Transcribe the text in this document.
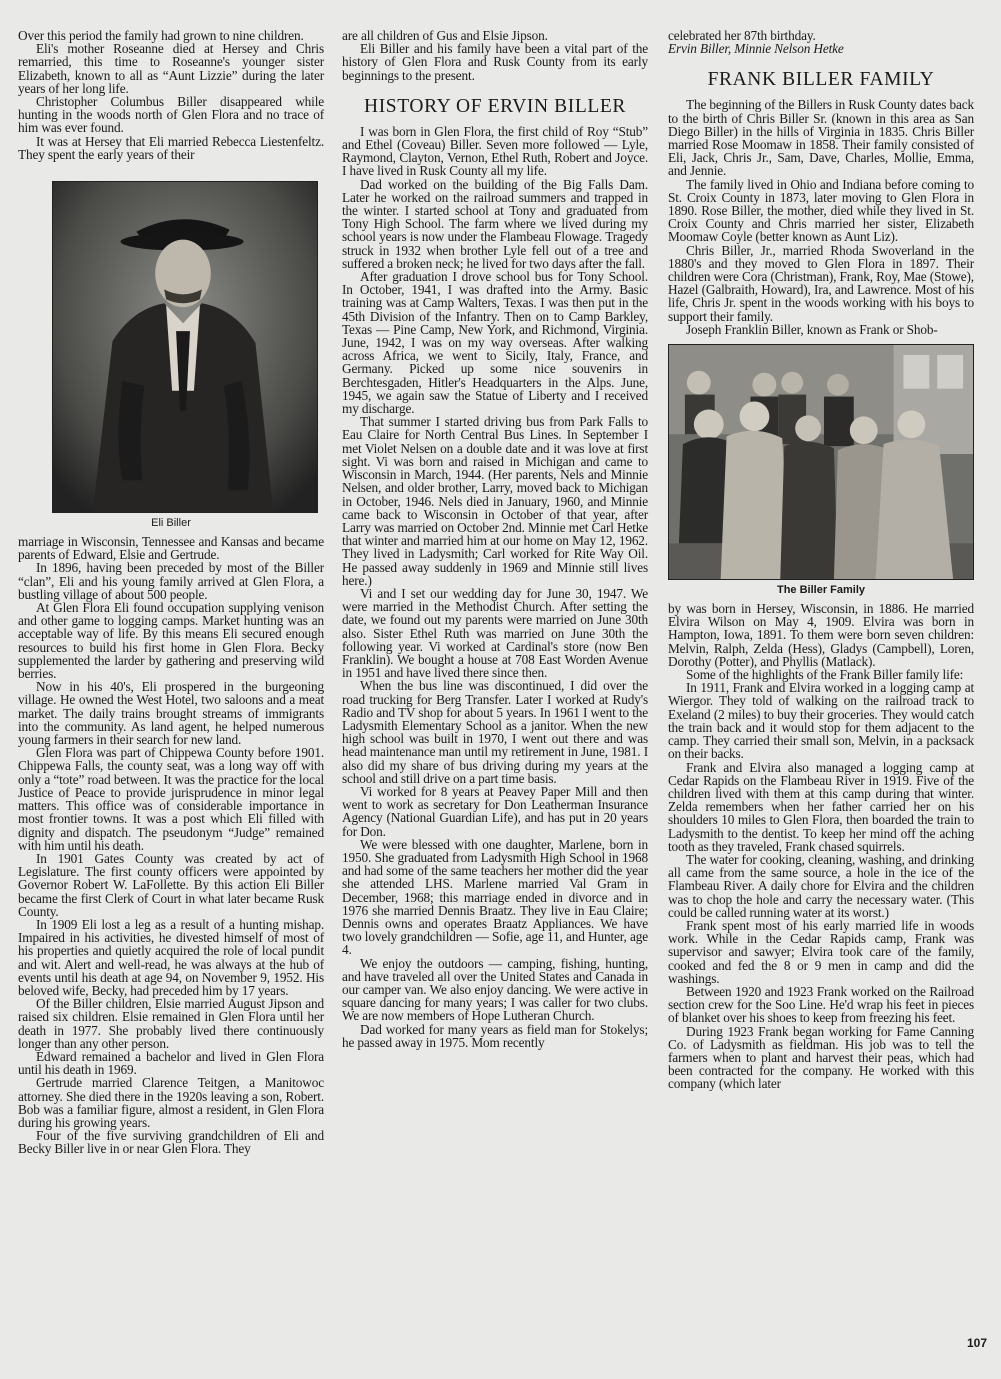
Over this period the family had grown to nine children.

Eli's mother Roseanne died at Hersey and Chris remarried, this time to Roseanne's younger sister Elizabeth, known to all as “Aunt Lizzie” during the later years of her long life.

Christopher Columbus Biller disappeared while hunting in the woods north of Glen Flora and no trace of him was ever found.

It was at Hersey that Eli married Rebecca Liestenfeltz. They spent the early years of their

Eli Biller

marriage in Wisconsin, Tennessee and Kansas and became parents of Edward, Elsie and Gertrude.

In 1896, having been preceded by most of the Biller “clan”, Eli and his young family arrived at Glen Flora, a bustling village of about 500 people.

At Glen Flora Eli found occupation supplying venison and other game to logging camps. Market hunting was an acceptable way of life. By this means Eli secured enough resources to build his first home in Glen Flora. Becky supplemented the larder by gathering and preserving wild berries.

Now in his 40's, Eli prospered in the burgeoning village. He owned the West Hotel, two saloons and a meat market. The daily trains brought streams of immigrants into the community. As land agent, he helped numerous young farmers in their search for new land.

Glen Flora was part of Chippewa County before 1901. Chippewa Falls, the county seat, was a long way off with only a “tote” road between. It was the practice for the local Justice of Peace to provide jurisprudence in minor legal matters. This office was of considerable importance in most frontier towns. It was a post which Eli filled with dignity and dispatch. The pseudonym “Judge” remained with him until his death.

In 1901 Gates County was created by act of Legislature. The first county officers were appointed by Governor Robert W. LaFollette. By this action Eli Biller became the first Clerk of Court in what later became Rusk County.

In 1909 Eli lost a leg as a result of a hunting mishap. Impaired in his activities, he divested himself of most of his properties and quietly acquired the role of local pundit and wit. Alert and well-read, he was always at the hub of events until his death at age 94, on November 9, 1952. His beloved wife, Becky, had preceded him by 17 years.

Of the Biller children, Elsie married August Jipson and raised six children. Elsie remained in Glen Flora until her death in 1977. She probably lived there continuously longer than any other person.

Edward remained a bachelor and lived in Glen Flora until his death in 1969.

Gertrude married Clarence Teitgen, a Manitowoc attorney. She died there in the 1920s leaving a son, Robert. Bob was a familiar figure, almost a resident, in Glen Flora during his growing years.

Four of the five surviving grandchildren of Eli and Becky Biller live in or near Glen Flora. They

are all children of Gus and Elsie Jipson.

Eli Biller and his family have been a vital part of the history of Glen Flora and Rusk County from its early beginnings to the present.

HISTORY OF ERVIN BILLER

I was born in Glen Flora, the first child of Roy “Stub” and Ethel (Coveau) Biller. Seven more followed — Lyle, Raymond, Clayton, Vernon, Ethel Ruth, Robert and Joyce. I have lived in Rusk County all my life.

Dad worked on the building of the Big Falls Dam. Later he worked on the railroad summers and trapped in the winter. I started school at Tony and graduated from Tony High School. The farm where we lived during my school years is now under the Flambeau Flowage. Tragedy struck in 1932 when brother Lyle fell out of a tree and suffered a broken neck; he lived for two days after the fall.

After graduation I drove school bus for Tony School. In October, 1941, I was drafted into the Army. Basic training was at Camp Walters, Texas. I was then put in the 45th Division of the Infantry. Then on to Camp Barkley, Texas — Pine Camp, New York, and Richmond, Virginia. June, 1942, I was on my way overseas. After walking across Africa, we went to Sicily, Italy, France, and Germany. Picked up some nice souvenirs in Berchtesgaden, Hitler's Headquarters in the Alps. June, 1945, we again saw the Statue of Liberty and I received my discharge.

That summer I started driving bus from Park Falls to Eau Claire for North Central Bus Lines. In September I met Violet Nelsen on a double date and it was love at first sight. Vi was born and raised in Michigan and came to Wisconsin in March, 1944. (Her parents, Nels and Minnie Nelsen, and older brother, Larry, moved back to Michigan in October, 1946. Nels died in January, 1960, and Minnie came back to Wisconsin in October of that year, after Larry was married on October 2nd. Minnie met Carl Hetke that winter and married him at our home on May 12, 1962. They lived in Ladysmith; Carl worked for Rite Way Oil. He passed away suddenly in 1969 and Minnie still lives here.)

Vi and I set our wedding day for June 30, 1947. We were married in the Methodist Church. After setting the date, we found out my parents were married on June 30th also. Sister Ethel Ruth was married on June 30th the following year. Vi worked at Cardinal's store (now Ben Franklin). We bought a house at 708 East Worden Avenue in 1951 and have lived there since then.

When the bus line was discontinued, I did over the road trucking for Berg Transfer. Later I worked at Rudy's Radio and TV shop for about 5 years. In 1961 I went to the Ladysmith Elementary School as a janitor. When the new high school was built in 1970, I went out there and was head maintenance man until my retirement in June, 1981. I also did my share of bus driving during my years at the school and still drive on a part time basis.

Vi worked for 8 years at Peavey Paper Mill and then went to work as secretary for Don Leatherman Insurance Agency (National Guardian Life), and has put in 20 years for Don.

We were blessed with one daughter, Marlene, born in 1950. She graduated from Ladysmith High School in 1968 and had some of the same teachers her mother did the year she attended LHS. Marlene married Val Gram in December, 1968; this marriage ended in divorce and in 1976 she married Dennis Braatz. They live in Eau Claire; Dennis owns and operates Braatz Appliances. We have two lovely grandchildren — Sofie, age 11, and Hunter, age 4.

We enjoy the outdoors — camping, fishing, hunting, and have traveled all over the United States and Canada in our camper van. We also enjoy dancing. We were active in square dancing for many years; I was caller for two clubs. We are now members of Hope Lutheran Church.

Dad worked for many years as field man for Stokelys; he passed away in 1975. Mom recently

celebrated her 87th birthday.

Ervin Biller, Minnie Nelson Hetke

FRANK BILLER FAMILY

The beginning of the Billers in Rusk County dates back to the birth of Chris Biller Sr. (known in this area as San Diego Biller) in the hills of Virginia in 1835. Chris Biller married Rose Moomaw in 1858. Their family consisted of Eli, Jack, Chris Jr., Sam, Dave, Charles, Mollie, Emma, and Jennie.

The family lived in Ohio and Indiana before coming to St. Croix County in 1873, later moving to Glen Flora in 1890. Rose Biller, the mother, died while they lived in St. Croix County and Chris married her sister, Elizabeth Moomaw Coyle (better known as Aunt Liz).

Chris Biller, Jr., married Rhoda Swoverland in the 1880's and they moved to Glen Flora in 1897. Their children were Cora (Christman), Frank, Roy, Mae (Stowe), Hazel (Galbraith, Howard), Ira, and Lawrence. Most of his life, Chris Jr. spent in the woods working with his boys to support their family.

Joseph Franklin Biller, known as Frank or Shob-

The Biller Family

by was born in Hersey, Wisconsin, in 1886. He married Elvira Wilson on May 4, 1909. Elvira was born in Hampton, Iowa, 1891. To them were born seven children: Melvin, Ralph, Zelda (Hess), Gladys (Campbell), Loren, Dorothy (Potter), and Phyllis (Matlack).

Some of the highlights of the Frank Biller family life:

In 1911, Frank and Elvira worked in a logging camp at Wiergor. They told of walking on the railroad track to Exeland (2 miles) to buy their groceries. They would catch the train back and it would stop for them adjacent to the camp. They carried their small son, Melvin, in a packsack on their backs.

Frank and Elvira also managed a logging camp at Cedar Rapids on the Flambeau River in 1919. Five of the children lived with them at this camp during that winter. Zelda remembers when her father carried her on his shoulders 10 miles to Glen Flora, then boarded the train to Ladysmith to the dentist. To keep her mind off the aching tooth as they traveled, Frank chased squirrels.

The water for cooking, cleaning, washing, and drinking all came from the same source, a hole in the ice of the Flambeau River. A daily chore for Elvira and the children was to chop the hole and carry the necessary water. (This could be called running water at its worst.)

Frank spent most of his early married life in woods work. While in the Cedar Rapids camp, Frank was supervisor and sawyer; Elvira took care of the family, cooked and fed the 8 or 9 men in camp and did the washings.

Between 1920 and 1923 Frank worked on the Railroad section crew for the Soo Line. He'd wrap his feet in pieces of blanket over his shoes to keep from freezing his feet.

During 1923 Frank began working for Fame Canning Co. of Ladysmith as fieldman. His job was to tell the farmers when to plant and harvest their peas, which had been contracted for the company. He worked with this company (which later

107
